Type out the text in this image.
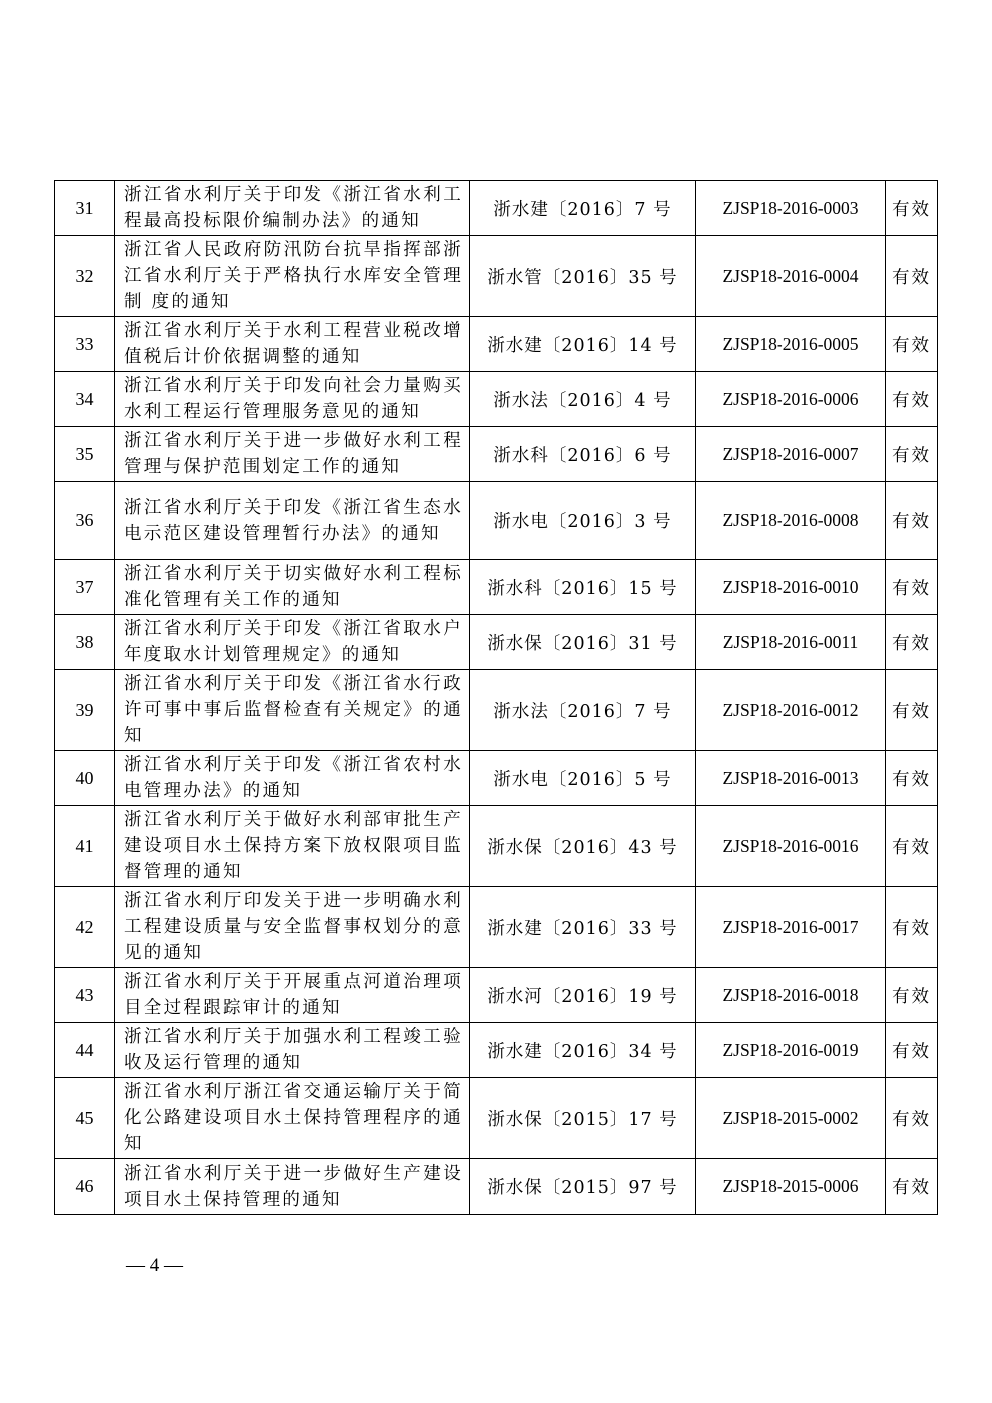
31	浙江省水利厅关于印发《浙江省水利工程最高投标限价编制办法》的通知	浙水建〔2016〕7 号	ZJSP18-2016-0003	有效
32	浙江省人民政府防汛防台抗旱指挥部浙江省水利厅关于严格执行水库安全管理制 度的通知	浙水管〔2016〕35 号	ZJSP18-2016-0004	有效
33	浙江省水利厅关于水利工程营业税改增值税后计价依据调整的通知	浙水建〔2016〕14 号	ZJSP18-2016-0005	有效
34	浙江省水利厅关于印发向社会力量购买水利工程运行管理服务意见的通知	浙水法〔2016〕4 号	ZJSP18-2016-0006	有效
35	浙江省水利厅关于进一步做好水利工程管理与保护范围划定工作的通知	浙水科〔2016〕6 号	ZJSP18-2016-0007	有效
36	浙江省水利厅关于印发《浙江省生态水电示范区建设管理暂行办法》的通知	浙水电〔2016〕3 号	ZJSP18-2016-0008	有效
37	浙江省水利厅关于切实做好水利工程标准化管理有关工作的通知	浙水科〔2016〕15 号	ZJSP18-2016-0010	有效
38	浙江省水利厅关于印发《浙江省取水户年度取水计划管理规定》的通知	浙水保〔2016〕31 号	ZJSP18-2016-0011	有效
39	浙江省水利厅关于印发《浙江省水行政许可事中事后监督检查有关规定》的通知	浙水法〔2016〕7 号	ZJSP18-2016-0012	有效
40	浙江省水利厅关于印发《浙江省农村水电管理办法》的通知	浙水电〔2016〕5 号	ZJSP18-2016-0013	有效
41	浙江省水利厅关于做好水利部审批生产建设项目水土保持方案下放权限项目监督管理的通知	浙水保〔2016〕43 号	ZJSP18-2016-0016	有效
42	浙江省水利厅印发关于进一步明确水利工程建设质量与安全监督事权划分的意见的通知	浙水建〔2016〕33 号	ZJSP18-2016-0017	有效
43	浙江省水利厅关于开展重点河道治理项目全过程跟踪审计的通知	浙水河〔2016〕19 号	ZJSP18-2016-0018	有效
44	浙江省水利厅关于加强水利工程竣工验收及运行管理的通知	浙水建〔2016〕34 号	ZJSP18-2016-0019	有效
45	浙江省水利厅浙江省交通运输厅关于简化公路建设项目水土保持管理程序的通知	浙水保〔2015〕17 号	ZJSP18-2015-0002	有效
46	浙江省水利厅关于进一步做好生产建设项目水土保持管理的通知	浙水保〔2015〕97 号	ZJSP18-2015-0006	有效
— 4 —
